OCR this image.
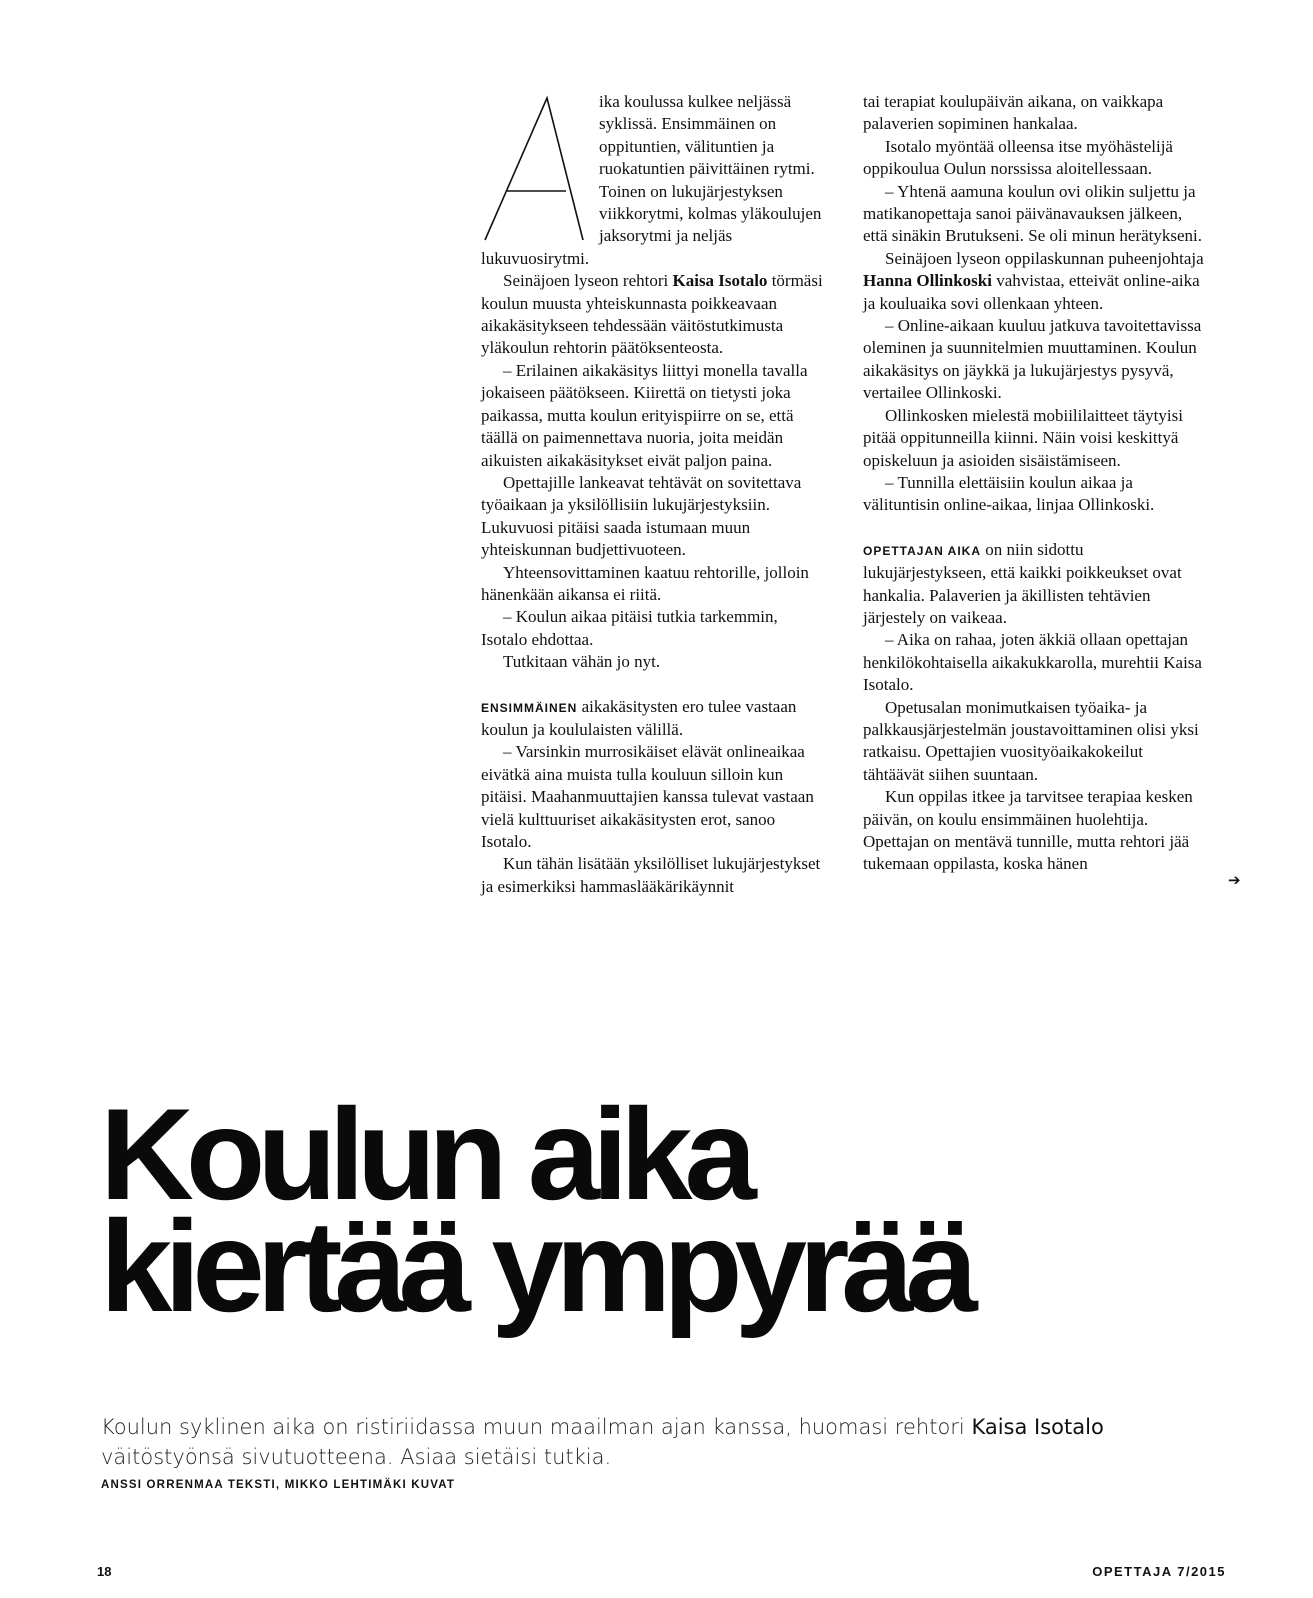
ika koulussa kulkee neljässä syklissä. Ensimmäinen on oppituntien, välituntien ja ruokatuntien päivittäinen rytmi. Toinen on lukujärjestyksen viikkorytmi, kolmas yläkoulujen jaksorytmi ja neljäs lukuvuosirytmi.

Seinäjoen lyseon rehtori Kaisa Isotalo törmäsi koulun muusta yhteiskunnasta poikkeavaan aikakäsitykseen tehdessään väitöstutkimusta yläkoulun rehtorin päätöksenteosta.

– Erilainen aikakäsitys liittyi monella tavalla jokaiseen päätökseen. Kiirettä on tietysti joka paikassa, mutta koulun erityispiirre on se, että täällä on paimennettava nuoria, joita meidän aikuisten aikakäsitykset eivät paljon paina.

Opettajille lankeavat tehtävät on sovitettava työaikaan ja yksilöllisiin lukujärjestyksiin. Lukuvuosi pitäisi saada istumaan muun yhteiskunnan budjettivuoteen.

Yhteensovittaminen kaatuu rehtorille, jolloin hänenkään aikansa ei riitä.

– Koulun aikaa pitäisi tutkia tarkemmin, Isotalo ehdottaa.

Tutkitaan vähän jo nyt.

ENSIMMÄINEN aikakäsitysten ero tulee vastaan koulun ja koululaisten välillä.

– Varsinkin murrosikäiset elävät onlineaikaa eivätkä aina muista tulla kouluun silloin kun pitäisi. Maahanmuuttajien kanssa tulevat vastaan vielä kulttuuriset aikakäsitysten erot, sanoo Isotalo.

Kun tähän lisätään yksilölliset lukujärjestykset ja esimerkiksi hammaslääkärikäynnit

tai terapiat koulupäivän aikana, on vaikkapa palaverien sopiminen hankalaa.

Isotalo myöntää olleensa itse myöhästelijä oppikoulua Oulun norssissa aloitellessaan.

– Yhtenä aamuna koulun ovi olikin suljettu ja matikanopettaja sanoi päivänavauksen jälkeen, että sinäkin Brutukseni. Se oli minun herätykseni.

Seinäjoen lyseon oppilaskunnan puheenjohtaja Hanna Ollinkoski vahvistaa, etteivät online-aika ja kouluaika sovi ollenkaan yhteen.

– Online-aikaan kuuluu jatkuva tavoitettavissa oleminen ja suunnitelmien muuttaminen. Koulun aikakäsitys on jäykkä ja lukujärjestys pysyvä, vertailee Ollinkoski.

Ollinkosken mielestä mobiililaitteet täytyisi pitää oppitunneilla kiinni. Näin voisi keskittyä opiskeluun ja asioiden sisäistämiseen.

– Tunnilla elettäisiin koulun aikaa ja välituntisin online-aikaa, linjaa Ollinkoski.

OPETTAJAN AIKA on niin sidottu lukujärjestykseen, että kaikki poikkeukset ovat hankalia. Palaverien ja äkillisten tehtävien järjestely on vaikeaa.

– Aika on rahaa, joten äkkiä ollaan opettajan henkilökohtaisella aikakukkarolla, murehtii Kaisa Isotalo.

Opetusalan monimutkaisen työaika- ja palkkausjärjestelmän joustavoittaminen olisi yksi ratkaisu. Opettajien vuosityöaikakokeilut tähtäävät siihen suuntaan.

Kun oppilas itkee ja tarvitsee terapiaa kesken päivän, on koulu ensimmäinen huolehtija. Opettajan on mentävä tunnille, mutta rehtori jää tukemaan oppilasta, koska hänen

➔
Koulun aika
kiertää ympyrää

Koulun syklinen aika on ristiriidassa muun maailman ajan kanssa, huomasi rehtori Kaisa Isotalo väitöstyönsä sivutuotteena. Asiaa sietäisi tutkia.

ANSSI ORRENMAA TEKSTI, MIKKO LEHTIMÄKI KUVAT
18	OPETTAJA 7/2015
